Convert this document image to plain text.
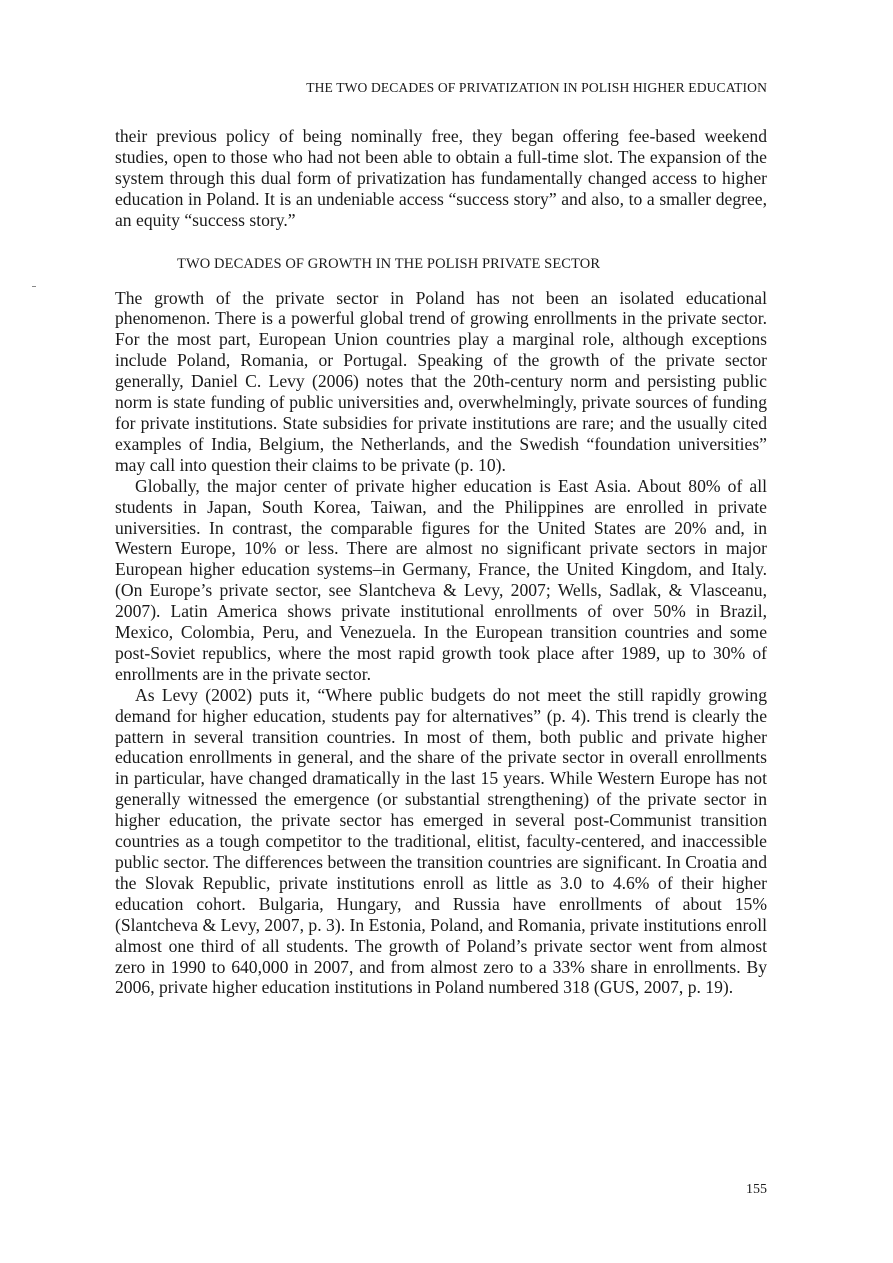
THE TWO DECADES OF PRIVATIZATION IN POLISH HIGHER EDUCATION

their previous policy of being nominally free, they began offering fee-based weekend studies, open to those who had not been able to obtain a full-time slot. The expansion of the system through this dual form of privatization has fundamentally changed access to higher education in Poland. It is an undeniable access “success story” and also, to a smaller degree, an equity “success story.”

TWO DECADES OF GROWTH IN THE POLISH PRIVATE SECTOR

The growth of the private sector in Poland has not been an isolated educational phenomenon. There is a powerful global trend of growing enrollments in the private sector. For the most part, European Union countries play a marginal role, although exceptions include Poland, Romania, or Portugal. Speaking of the growth of the private sector generally, Daniel C. Levy (2006) notes that the 20th-century norm and persisting public norm is state funding of public universities and, overwhelmingly, private sources of funding for private institutions. State subsidies for private institutions are rare; and the usually cited examples of India, Belgium, the Netherlands, and the Swedish “foundation universities” may call into question their claims to be private (p. 10).

Globally, the major center of private higher education is East Asia. About 80% of all students in Japan, South Korea, Taiwan, and the Philippines are enrolled in private universities. In contrast, the comparable figures for the United States are 20% and, in Western Europe, 10% or less. There are almost no significant private sectors in major European higher education systems–in Germany, France, the United Kingdom, and Italy. (On Europe’s private sector, see Slantcheva & Levy, 2007; Wells, Sadlak, & Vlasceanu, 2007). Latin America shows private institutional enrollments of over 50% in Brazil, Mexico, Colombia, Peru, and Venezuela. In the European transition countries and some post-Soviet republics, where the most rapid growth took place after 1989, up to 30% of enrollments are in the private sector.

As Levy (2002) puts it, “Where public budgets do not meet the still rapidly growing demand for higher education, students pay for alternatives” (p. 4). This trend is clearly the pattern in several transition countries. In most of them, both public and private higher education enrollments in general, and the share of the private sector in overall enrollments in particular, have changed dramatically in the last 15 years. While Western Europe has not generally witnessed the emergence (or substantial strengthening) of the private sector in higher education, the private sector has emerged in several post-Communist transition countries as a tough competitor to the traditional, elitist, faculty-centered, and inaccessible public sector. The differences between the transition countries are significant. In Croatia and the Slovak Republic, private institutions enroll as little as 3.0 to 4.6% of their higher education cohort. Bulgaria, Hungary, and Russia have enrollments of about 15% (Slantcheva & Levy, 2007, p. 3). In Estonia, Poland, and Romania, private institutions enroll almost one third of all students. The growth of Poland’s private sector went from almost zero in 1990 to 640,000 in 2007, and from almost zero to a 33% share in enrollments. By 2006, private higher education institutions in Poland numbered 318 (GUS, 2007, p. 19).

155
